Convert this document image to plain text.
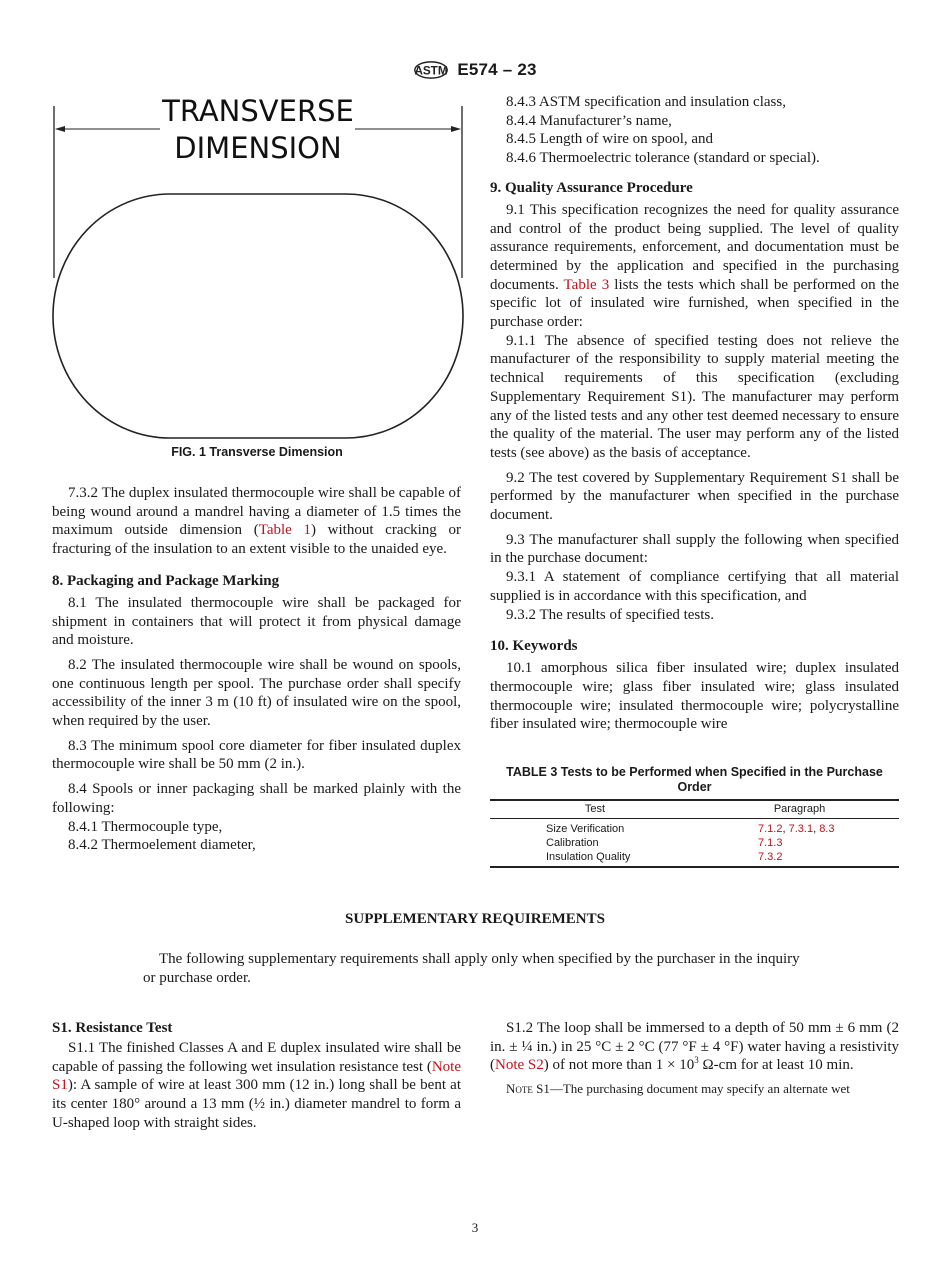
ASTM E574 – 23
TRANSVERSE
DIMENSION
FIG. 1 Transverse Dimension

7.3.2 The duplex insulated thermocouple wire shall be capable of being wound around a mandrel having a diameter of 1.5 times the maximum outside dimension (Table 1) without cracking or fracturing of the insulation to an extent visible to the unaided eye.

8. Packaging and Package Marking

8.1 The insulated thermocouple wire shall be packaged for shipment in containers that will protect it from physical damage and moisture.

8.2 The insulated thermocouple wire shall be wound on spools, one continuous length per spool. The purchase order shall specify accessibility of the inner 3 m (10 ft) of insulated wire on the spool, when required by the user.

8.3 The minimum spool core diameter for fiber insulated duplex thermocouple wire shall be 50 mm (2 in.).

8.4 Spools or inner packaging shall be marked plainly with the following:

8.4.1 Thermocouple type,

8.4.2 Thermoelement diameter,

8.4.3 ASTM specification and insulation class,

8.4.4 Manufacturer’s name,

8.4.5 Length of wire on spool, and

8.4.6 Thermoelectric tolerance (standard or special).

9. Quality Assurance Procedure

9.1 This specification recognizes the need for quality assurance and control of the product being supplied. The level of quality assurance requirements, enforcement, and documentation must be determined by the application and specified in the purchasing documents. Table 3 lists the tests which shall be performed on the specific lot of insulated wire furnished, when specified in the purchase order:

9.1.1 The absence of specified testing does not relieve the manufacturer of the responsibility to supply material meeting the technical requirements of this specification (excluding Supplementary Requirement S1). The manufacturer may perform any of the listed tests and any other test deemed necessary to ensure the quality of the material. The user may perform any of the listed tests (see above) as the basis of acceptance.

9.2 The test covered by Supplementary Requirement S1 shall be performed by the manufacturer when specified in the purchase document.

9.3 The manufacturer shall supply the following when specified in the purchase document:

9.3.1 A statement of compliance certifying that all material supplied is in accordance with this specification, and

9.3.2 The results of specified tests.

10. Keywords

10.1 amorphous silica fiber insulated wire; duplex insulated thermocouple wire; glass fiber insulated wire; glass insulated thermocouple wire; insulated thermocouple wire; polycrystalline fiber insulated wire; thermocouple wire

TABLE 3 Tests to be Performed when Specified in the Purchase Order
Test	Paragraph
Size Verification	7.1.2, 7.3.1, 8.3
Calibration	7.1.3
Insulation Quality	7.3.2
SUPPLEMENTARY REQUIREMENTS
The following supplementary requirements shall apply only when specified by the purchaser in the inquiry or purchase order.
S1. Resistance Test

S1.1 The finished Classes A and E duplex insulated wire shall be capable of passing the following wet insulation resistance test (Note S1): A sample of wire at least 300 mm (12 in.) long shall be bent at its center 180° around a 13 mm (½ in.) diameter mandrel to form a U-shaped loop with straight sides.

S1.2 The loop shall be immersed to a depth of 50 mm ± 6 mm (2 in. ± ¼ in.) in 25 °C ± 2 °C (77 °F ± 4 °F) water having a resistivity (Note S2) of not more than $1 \times 10^3$ Ω-cm for at least 10 min.

Note S1—The purchasing document may specify an alternate wet

3
